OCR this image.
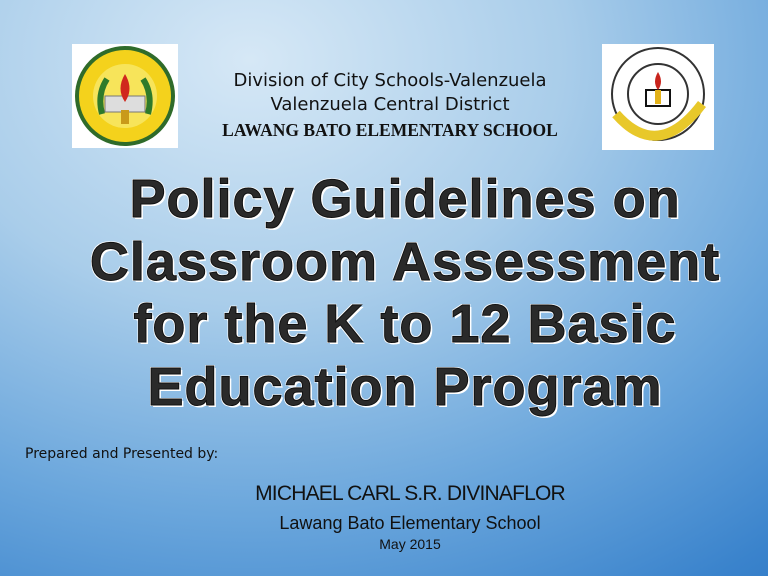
Division of City Schools-Valenzuela
Valenzuela Central District
LAWANG BATO ELEMENTARY SCHOOL
Policy Guidelines on
Classroom Assessment
for the K to 12 Basic
Education Program
Prepared and Presented by:
MICHAEL CARL S.R. DIVINAFLOR
Lawang Bato Elementary School
May 2015
